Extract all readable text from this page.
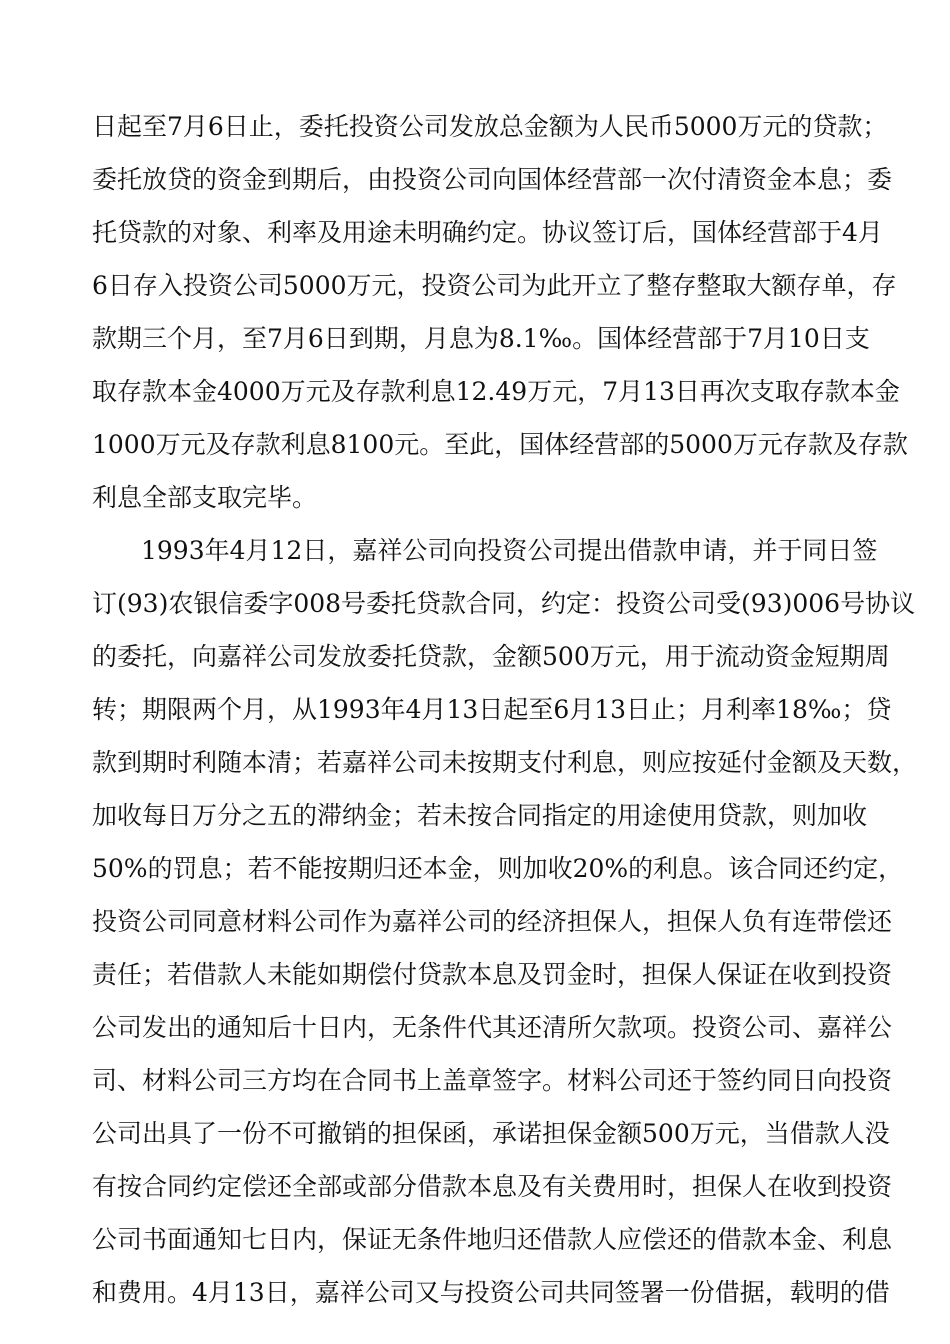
日起至7月6日止，委托投资公司发放总金额为人民币5000万元的贷款；
委托放贷的资金到期后，由投资公司向国体经营部一次付清资金本息；委
托贷款的对象、利率及用途未明确约定。协议签订后，国体经营部于4月
6日存入投资公司5000万元，投资公司为此开立了整存整取大额存单，存
款期三个月，至7月6日到期，月息为8.1‰。国体经营部于7月10日支
取存款本金4000万元及存款利息12.49万元，7月13日再次支取存款本金
1000万元及存款利息8100元。至此，国体经营部的5000万元存款及存款
利息全部支取完毕。
1993年4月12日，嘉祥公司向投资公司提出借款申请，并于同日签
订(93)农银信委字008号委托贷款合同，约定：投资公司受(93)006号协议
的委托，向嘉祥公司发放委托贷款，金额500万元，用于流动资金短期周
转；期限两个月，从1993年4月13日起至6月13日止；月利率18‰；贷
款到期时利随本清；若嘉祥公司未按期支付利息，则应按延付金额及天数，
加收每日万分之五的滞纳金；若未按合同指定的用途使用贷款，则加收
50%的罚息；若不能按期归还本金，则加收20%的利息。该合同还约定，
投资公司同意材料公司作为嘉祥公司的经济担保人，担保人负有连带偿还
责任；若借款人未能如期偿付贷款本息及罚金时，担保人保证在收到投资
公司发出的通知后十日内，无条件代其还清所欠款项。投资公司、嘉祥公
司、材料公司三方均在合同书上盖章签字。材料公司还于签约同日向投资
公司出具了一份不可撤销的担保函，承诺担保金额500万元，当借款人没
有按合同约定偿还全部或部分借款本息及有关费用时，担保人在收到投资
公司书面通知七日内，保证无条件地归还借款人应偿还的借款本金、利息
和费用。4月13日，嘉祥公司又与投资公司共同签署一份借据，载明的借
